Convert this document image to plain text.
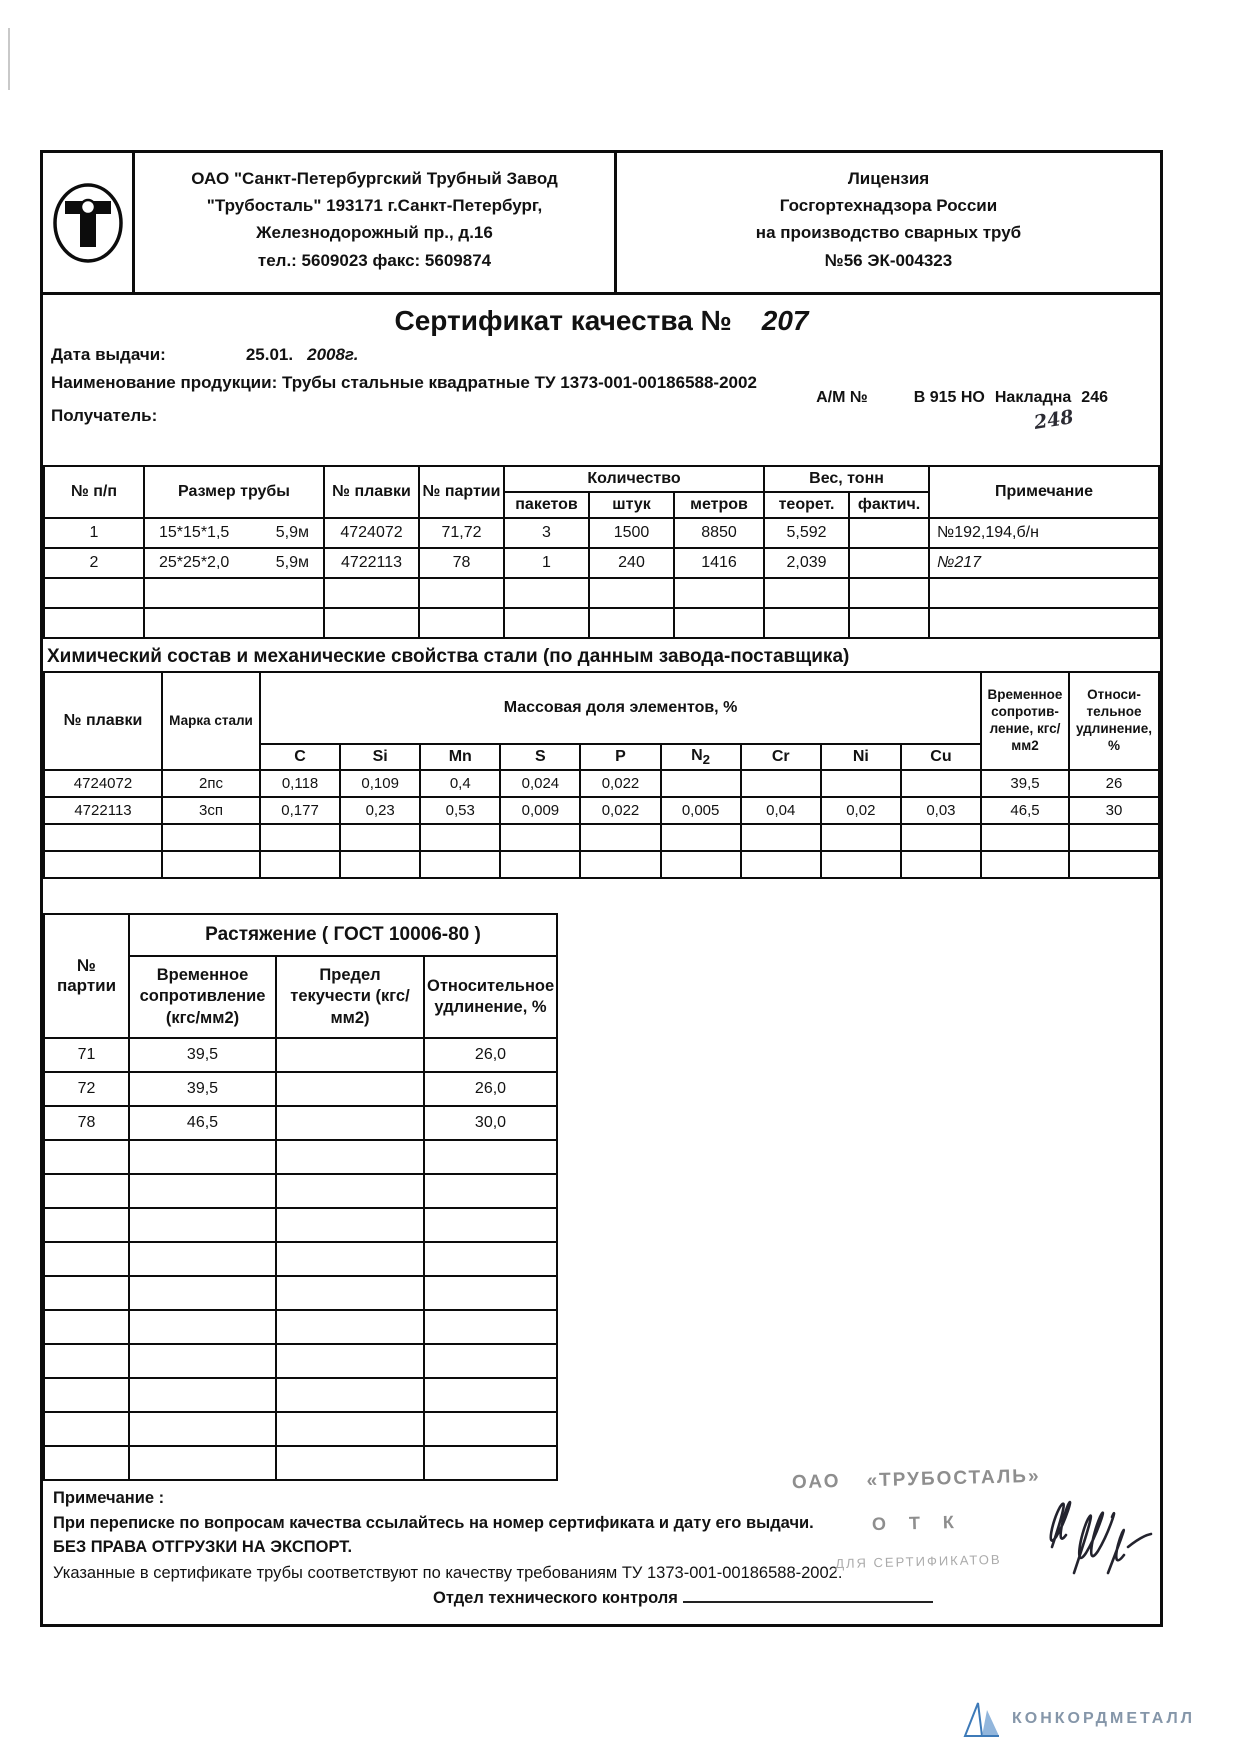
ОАО "Санкт-Петербургский Трубный Завод
"Трубосталь" 193171 г.Санкт-Петербург,
Железнодорожный пр., д.16
тел.: 5609023 факс: 5609874
Лицензия
Госгортехнадзора России
на производство сварных труб
№56 ЭК-004323
Сертификат качества № 207
Дата выдачи:	25.01. 2008г.
Наименование продукции: Трубы стальные квадратные ТУ 1373-001-00186588-2002
Получатель:
А/М №	В 915 НО Накладна 246
248
№ п/п	Размер трубы	№ плавки	№ партии	Количество			Вес, тонн		Примечание
				пакетов	штук	метров	теорет.	фактич.	
1	15*15*1,5 5,9м	4724072	71,72	3	1500	8850	5,592		№192,194,б/н
2	25*25*2,0 5,9м	4722113	78	1	240	1416	2,039		№217

Химический состав и механические свойства стали (по данным завода-поставщика)
№ плавки	Марка стали	Массовая доля элементов, %									Временное сопротивление, кгс/мм2	Относительное удлинение, %
		C	Si	Mn	S	P	$N_2$	Cr	Ni	Cu		
4724072	2пс	0,118	0,109	0,4	0,024	0,022					39,5	26
4722113	3сп	0,177	0,23	0,53	0,009	0,022	0,005	0,04	0,02	0,03	46,5	30

№ партии	Растяжение ( ГОСТ 10006-80 )		
	Временное сопротивление (кгс/мм2)	Предел текучести (кгс/мм2)	Относительное удлинение, %
71	39,5		26,0
72	39,5		26,0
78	46,5		30,0

Примечание :
При переписке по вопросам качества ссылайтесь на номер сертификата и дату его выдачи.
БЕЗ ПРАВА ОТГРУЗКИ НА ЭКСПОРТ.
Указанные в сертификате трубы соответствуют по качеству требованиям ТУ 1373-001-00186588-2002.
Отдел технического контроля
ОАО «ТРУБОСТАЛЬ»
О Т К
ДЛЯ СЕРТИФИКАТОВ
КОНКОРДМЕТАЛЛ
